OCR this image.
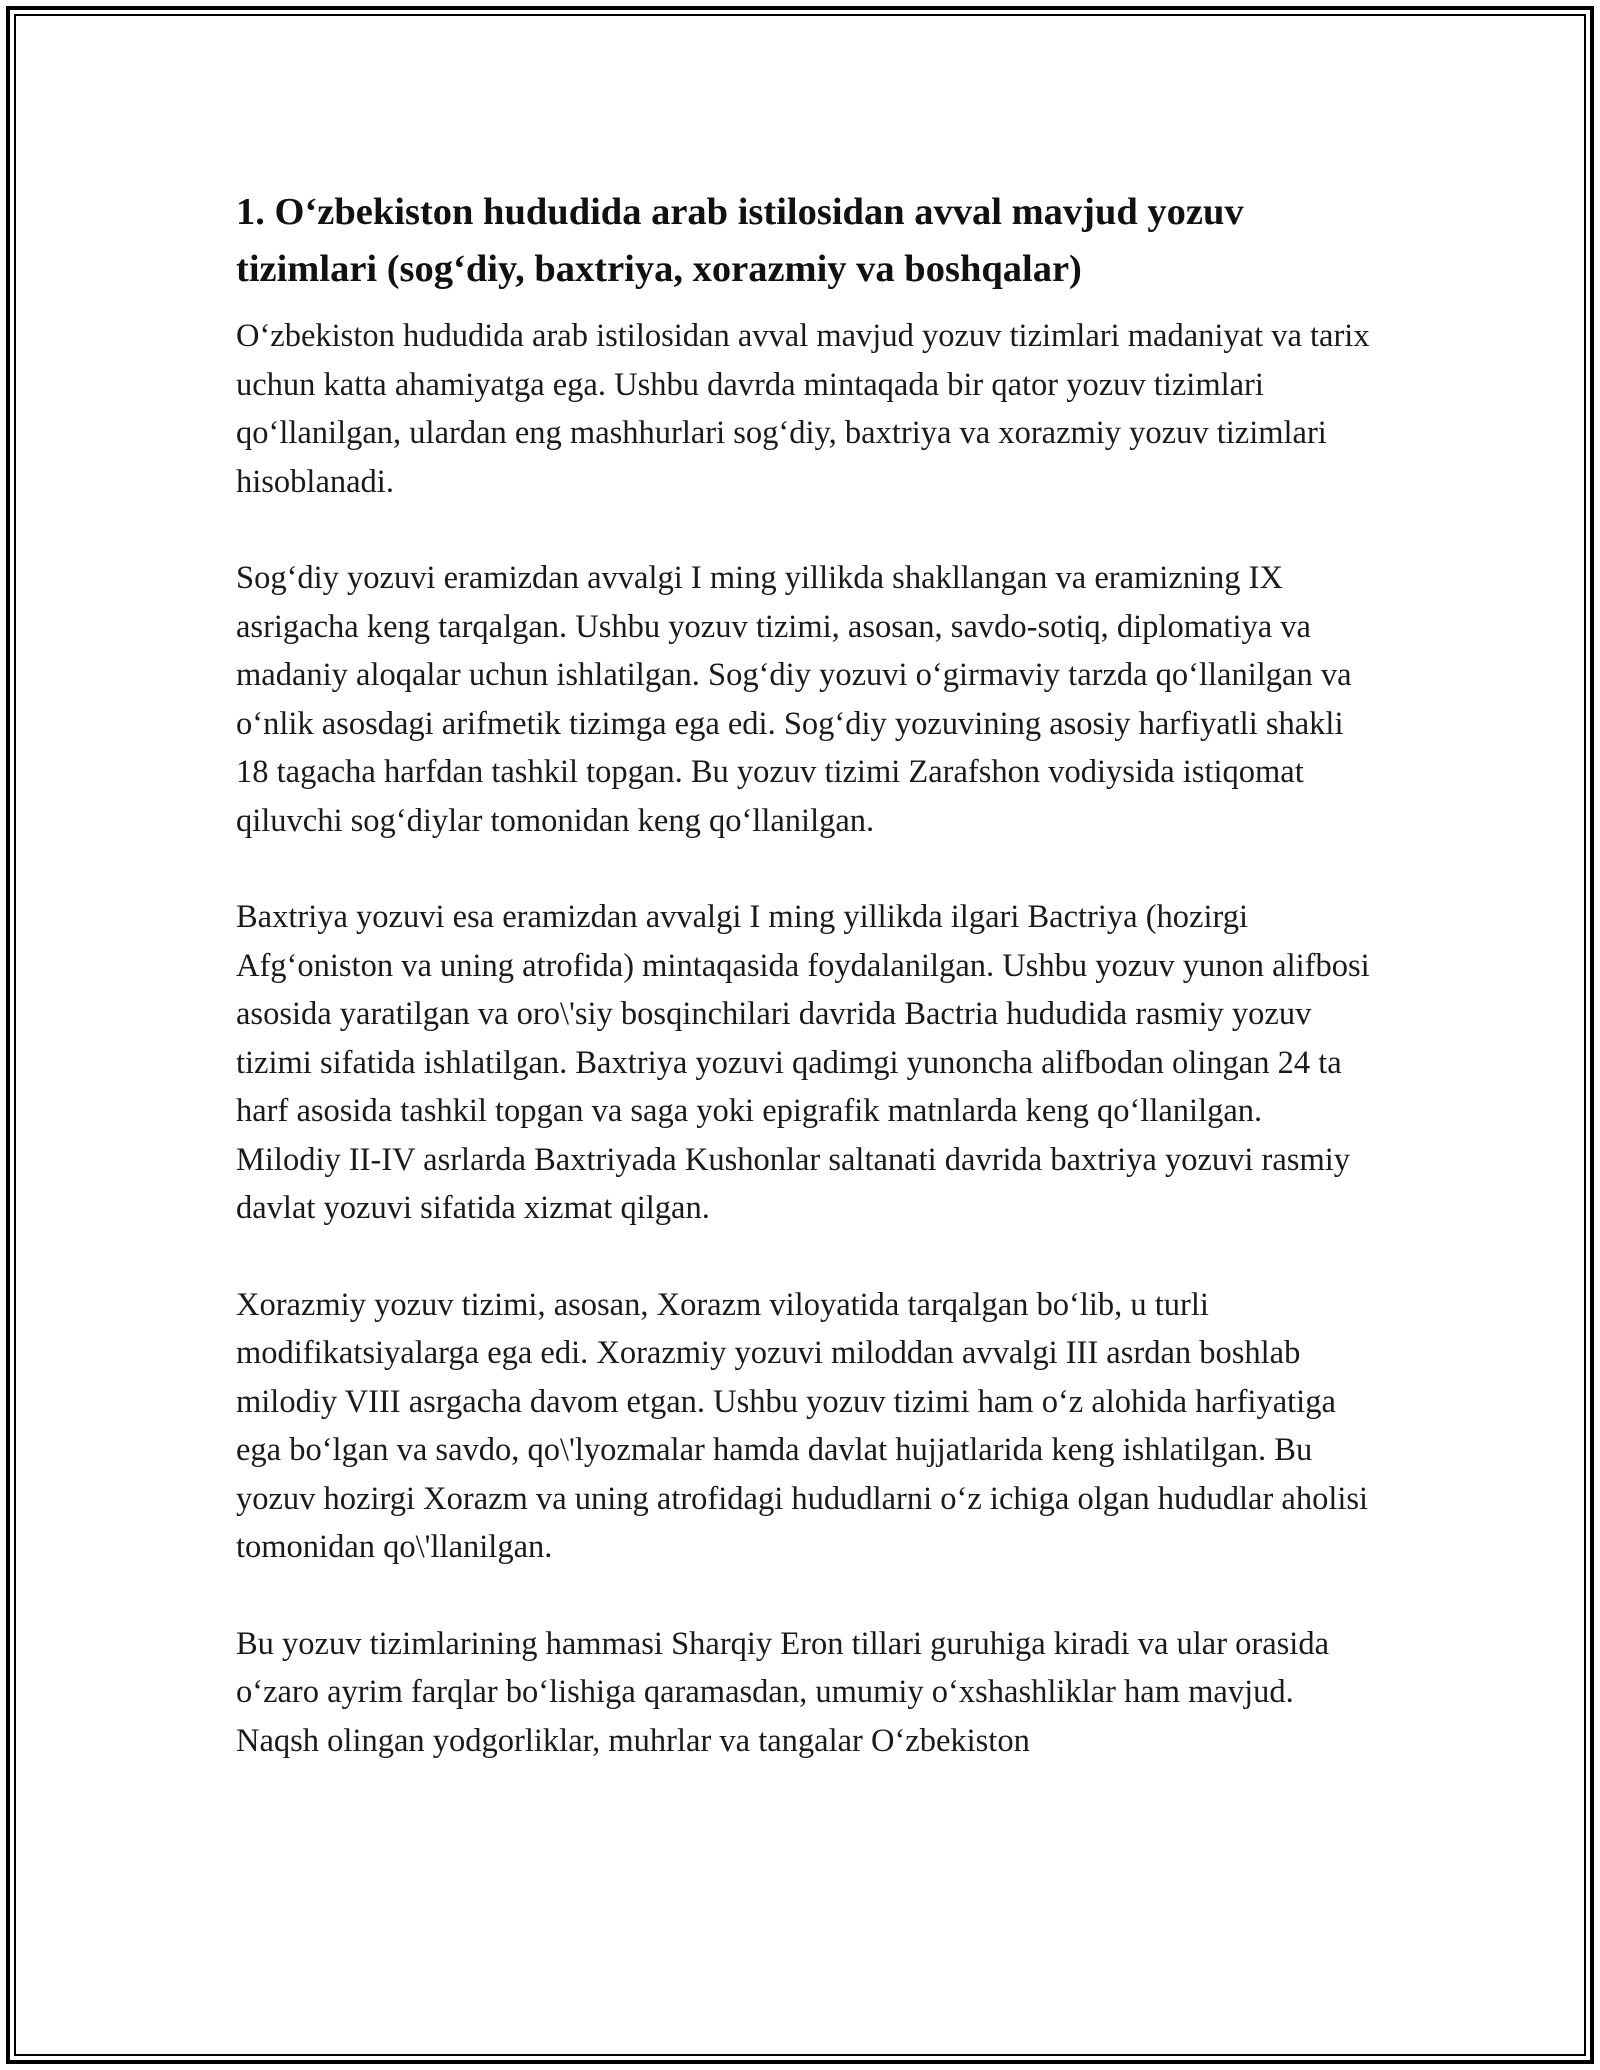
1. O‘zbekiston hududida arab istilosidan avval mavjud yozuv tizimlari (sog‘diy, baxtriya, xorazmiy va boshqalar)

O‘zbekiston hududida arab istilosidan avval mavjud yozuv tizimlari madaniyat va tarix uchun katta ahamiyatga ega. Ushbu davrda mintaqada bir qator yozuv tizimlari qo‘llanilgan, ulardan eng mashhurlari sog‘diy, baxtriya va xorazmiy yozuv tizimlari hisoblanadi.

Sog‘diy yozuvi eramizdan avvalgi I ming yillikda shakllangan va eramizning IX asrigacha keng tarqalgan. Ushbu yozuv tizimi, asosan, savdo-sotiq, diplomatiya va madaniy aloqalar uchun ishlatilgan. Sog‘diy yozuvi o‘girmaviy tarzda qo‘llanilgan va o‘nlik asosdagi arifmetik tizimga ega edi. Sog‘diy yozuvining asosiy harfiyatli shakli 18 tagacha harfdan tashkil topgan. Bu yozuv tizimi Zarafshon vodiysida istiqomat qiluvchi sog‘diylar tomonidan keng qo‘llanilgan.

Baxtriya yozuvi esa eramizdan avvalgi I ming yillikda ilgari Bactriya (hozirgi Afg‘oniston va uning atrofida) mintaqasida foydalanilgan. Ushbu yozuv yunon alifbosi asosida yaratilgan va oro\'siy bosqinchilari davrida Bactria hududida rasmiy yozuv tizimi sifatida ishlatilgan. Baxtriya yozuvi qadimgi yunoncha alifbodan olingan 24 ta harf asosida tashkil topgan va saga yoki epigrafik matnlarda keng qo‘llanilgan. Milodiy II-IV asrlarda Baxtriyada Kushonlar saltanati davrida baxtriya yozuvi rasmiy davlat yozuvi sifatida xizmat qilgan.

Xorazmiy yozuv tizimi, asosan, Xorazm viloyatida tarqalgan bo‘lib, u turli modifikatsiyalarga ega edi. Xorazmiy yozuvi miloddan avvalgi III asrdan boshlab milodiy VIII asrgacha davom etgan. Ushbu yozuv tizimi ham o‘z alohida harfiyatiga ega bo‘lgan va savdo, qo\'lyozmalar hamda davlat hujjatlarida keng ishlatilgan. Bu yozuv hozirgi Xorazm va uning atrofidagi hududlarni o‘z ichiga olgan hududlar aholisi tomonidan qo\'llanilgan.

Bu yozuv tizimlarining hammasi Sharqiy Eron tillari guruhiga kiradi va ular orasida o‘zaro ayrim farqlar bo‘lishiga qaramasdan, umumiy o‘xshashliklar ham mavjud. Naqsh olingan yodgorliklar, muhrlar va tangalar O‘zbekiston
